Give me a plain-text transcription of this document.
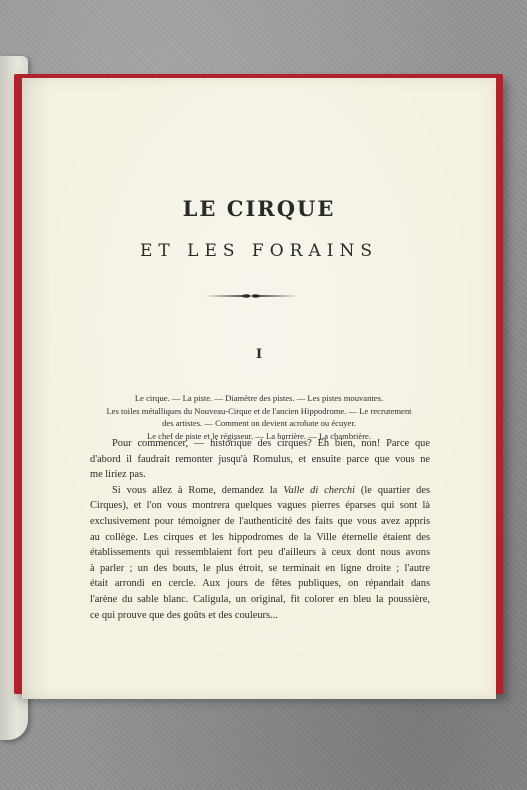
LE CIRQUE
ET LES FORAINS
I
Le cirque. — La piste. — Diamètre des pistes. — Les pistes mouvantes.
Les toiles métalliques du Nouveau-Cirque et de l'ancien Hippodrome. — Le recrutement
des artistes. — Comment on devient acrobate ou écuyer.
Le chef de piste et le régisseur. — La barrière. — La chambrière.
Pour commencer, — historique des cirques? Eh bien, non! Parce que
d'abord il faudrait remonter jusqu'à Romulus, et ensuite parce que vous ne
me liriez pas.
Si vous allez à Rome, demandez la Valle di cherchi (le quartier des
Cirques), et l'on vous montrera quelques vagues pierres éparses qui sont là
exclusivement pour témoigner de l'authenticité des faits que vous avez appris
au collège. Les cirques et les hippodromes de la Ville éternelle étaient des
établissements qui ressemblaient fort peu d'ailleurs à ceux dont nous avons
à parler ; un des bouts, le plus étroit, se terminait en ligne droite ; l'autre
était arrondi en cercle. Aux jours de fêtes publiques, on répandait dans
l'arène du sable blanc. Caligula, un original, fit colorer en bleu la poussière,
ce qui prouve que des goûts et des couleurs...
